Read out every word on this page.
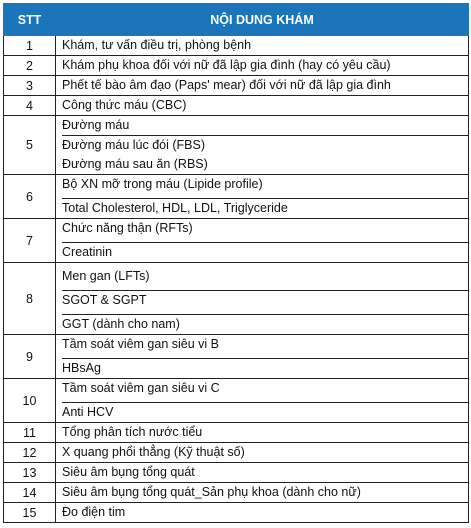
STT	NỘI DUNG KHÁM
1	Khám, tư vấn điều trị, phòng bệnh

2	Khám phụ khoa đối với nữ đã lập gia đình (hay có yêu cầu)

3	Phết tế bào âm đạo (Paps' mear) đối với nữ đã lập gia đình

4	Công thức máu (CBC)

5	Đường máu
Đường máu lúc đói (FBS)
Đường máu sau ăn (RBS)

6	Bộ XN mỡ trong máu (Lipide profile)
Total Cholesterol, HDL, LDL, Triglyceride

7	Chức năng thận (RFTs)
Creatinin

8	Men gan (LFTs)
SGOT & SGPT
GGT (dành cho nam)

9	Tầm soát viêm gan siêu vi B
HBsAg

10	Tầm soát viêm gan siêu vi C
Anti HCV

11	Tổng phân tích nước tiểu

12	X quang phổi thẳng (Kỹ thuật số)

13	Siêu âm bụng tổng quát

14	Siêu âm bụng tổng quát_Sản phụ khoa (dành cho nữ)

15	Đo điện tim
